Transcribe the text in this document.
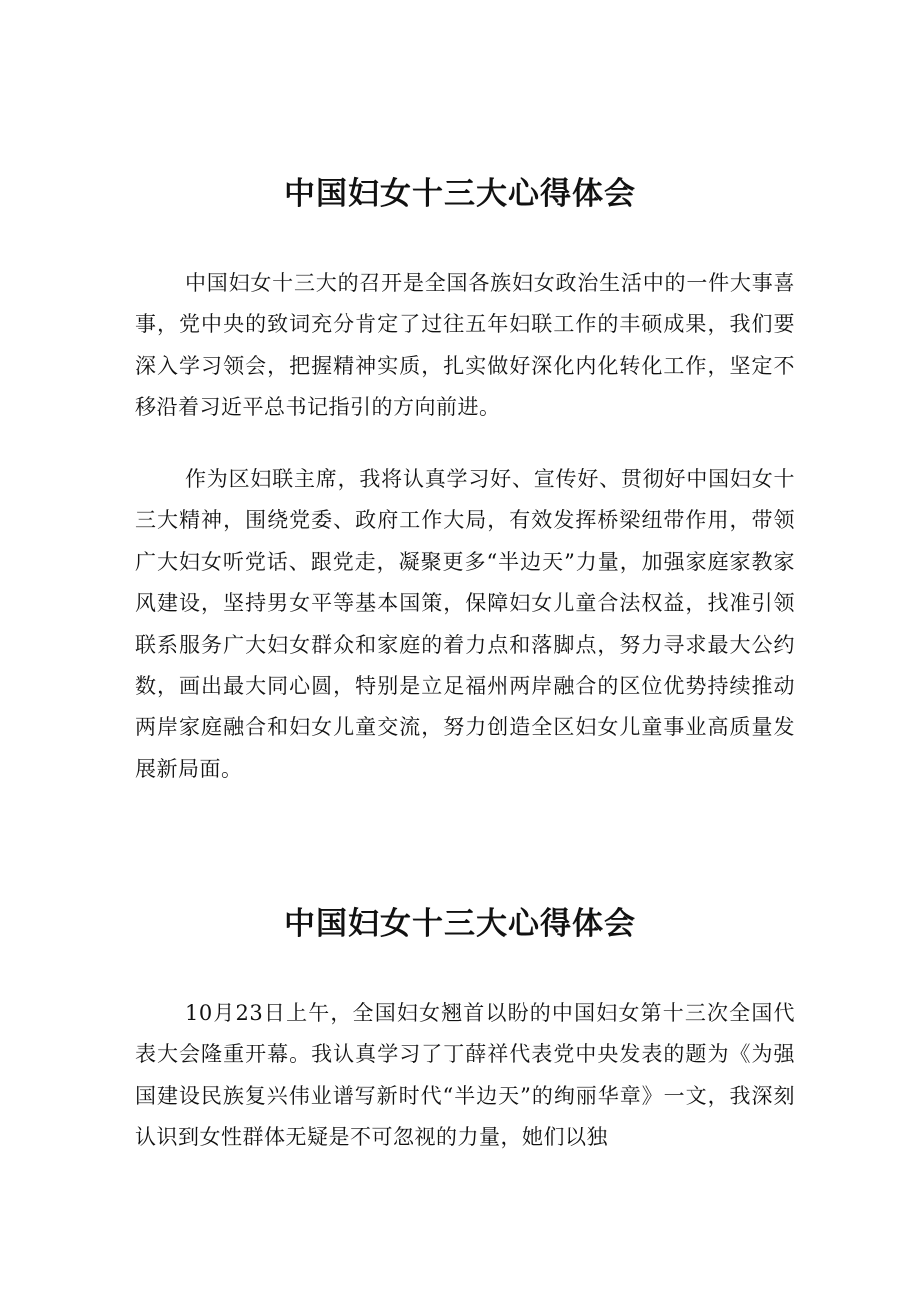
中国妇女十三大心得体会

中国妇女十三大的召开是全国各族妇女政治生活中的一件大事喜事，党中央的致词充分肯定了过往五年妇联工作的丰硕成果，我们要深入学习领会，把握精神实质，扎实做好深化内化转化工作，坚定不移沿着习近平总书记指引的方向前进。

作为区妇联主席，我将认真学习好、宣传好、贯彻好中国妇女十三大精神，围绕党委、政府工作大局，有效发挥桥梁纽带作用，带领广大妇女听党话、跟党走，凝聚更多“半边天”力量，加强家庭家教家风建设，坚持男女平等基本国策，保障妇女儿童合法权益，找准引领联系服务广大妇女群众和家庭的着力点和落脚点，努力寻求最大公约数，画出最大同心圆，特别是立足福州两岸融合的区位优势持续推动两岸家庭融合和妇女儿童交流，努力创造全区妇女儿童事业高质量发展新局面。

中国妇女十三大心得体会

10月23日上午，全国妇女翘首以盼的中国妇女第十三次全国代表大会隆重开幕。我认真学习了丁薛祥代表党中央发表的题为《为强国建设民族复兴伟业谱写新时代“半边天”的绚丽华章》一文，我深刻认识到女性群体无疑是不可忽视的力量，她们以独
